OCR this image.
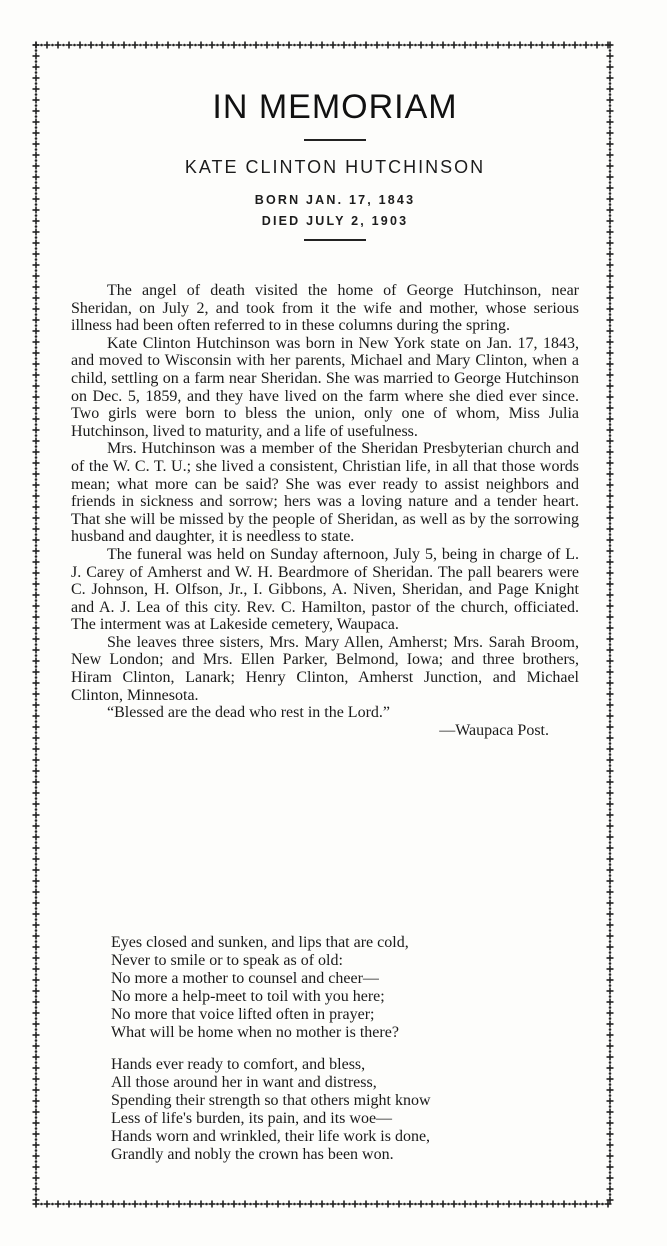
IN MEMORIAM
KATE CLINTON HUTCHINSON
BORN JAN. 17, 1843
DIED JULY 2, 1903

The angel of death visited the home of George Hutchinson, near Sheridan, on July 2, and took from it the wife and mother, whose serious illness had been often referred to in these columns during the spring.

Kate Clinton Hutchinson was born in New York state on Jan. 17, 1843, and moved to Wisconsin with her parents, Michael and Mary Clinton, when a child, settling on a farm near Sheridan. She was married to George Hutchinson on Dec. 5, 1859, and they have lived on the farm where she died ever since. Two girls were born to bless the union, only one of whom, Miss Julia Hutchinson, lived to maturity, and a life of usefulness.

Mrs. Hutchinson was a member of the Sheridan Presbyterian church and of the W. C. T. U.; she lived a consistent, Christian life, in all that those words mean; what more can be said? She was ever ready to assist neighbors and friends in sickness and sorrow; hers was a loving nature and a tender heart. That she will be missed by the people of Sheridan, as well as by the sorrowing husband and daughter, it is needless to state.

The funeral was held on Sunday afternoon, July 5, being in charge of L. J. Carey of Amherst and W. H. Beardmore of Sheridan. The pall bearers were C. Johnson, H. Olfson, Jr., I. Gibbons, A. Niven, Sheridan, and Page Knight and A. J. Lea of this city. Rev. C. Hamilton, pastor of the church, officiated. The interment was at Lakeside cemetery, Waupaca.

She leaves three sisters, Mrs. Mary Allen, Amherst; Mrs. Sarah Broom, New London; and Mrs. Ellen Parker, Belmond, Iowa; and three brothers, Hiram Clinton, Lanark; Henry Clinton, Amherst Junction, and Michael Clinton, Minnesota.

“Blessed are the dead who rest in the Lord.”

—Waupaca Post.

Eyes closed and sunken, and lips that are cold,
Never to smile or to speak as of old:
No more a mother to counsel and cheer—
No more a help-meet to toil with you here;
No more that voice lifted often in prayer;
What will be home when no mother is there?
Hands ever ready to comfort, and bless,
All those around her in want and distress,
Spending their strength so that others might know
Less of life's burden, its pain, and its woe—
Hands worn and wrinkled, their life work is done,
Grandly and nobly the crown has been won.
